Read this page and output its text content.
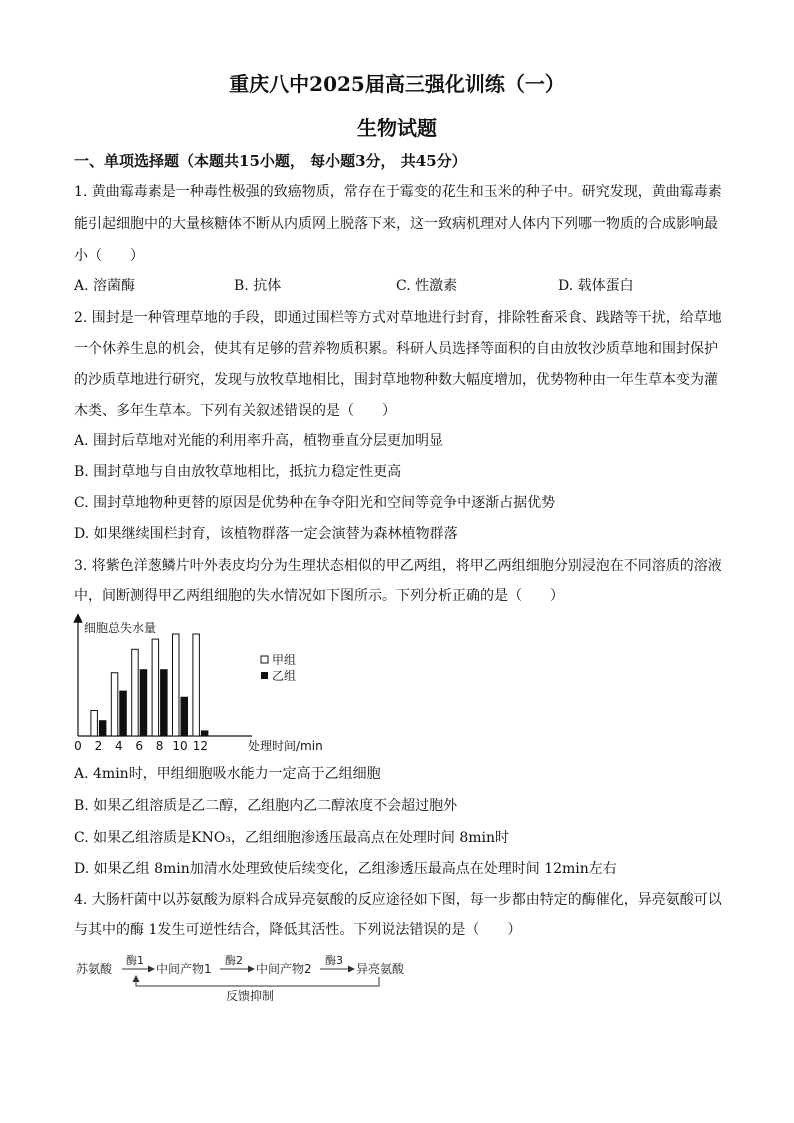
重庆八中2025届高三强化训练（一）
生物试题
一、单项选择题（本题共15小题， 每小题3分， 共45分）
1. 黄曲霉毒素是一种毒性极强的致癌物质，常存在于霉变的花生和玉米的种子中。研究发现，黄曲霉毒素
能引起细胞中的大量核糖体不断从内质网上脱落下来，这一致病机理对人体内下列哪一物质的合成影响最
小（　　）
A. 溶菌酶	B. 抗体	C. 性激素	D. 载体蛋白
2. 围封是一种管理草地的手段，即通过围栏等方式对草地进行封育，排除牲畜采食、践踏等干扰，给草地
一个休养生息的机会，使其有足够的营养物质积累。科研人员选择等面积的自由放牧沙质草地和围封保护
的沙质草地进行研究，发现与放牧草地相比，围封草地物种数大幅度增加，优势物种由一年生草本变为灌
木类、多年生草本。下列有关叙述错误的是（　　）
A. 围封后草地对光能的利用率升高，植物垂直分层更加明显
B. 围封草地与自由放牧草地相比，抵抗力稳定性更高
C. 围封草地物种更替的原因是优势种在争夺阳光和空间等竞争中逐渐占据优势
D. 如果继续围栏封育，该植物群落一定会演替为森林植物群落
3. 将紫色洋葱鳞片叶外表皮均分为生理状态相似的甲乙两组，将甲乙两组细胞分别浸泡在不同溶质的溶液
中，间断测得甲乙两组细胞的失水情况如下图所示。下列分析正确的是（　　）
细胞总失水量
处理时间/min
0 2 4 6 8 10 12
甲组
乙组
A. 4min时，甲组细胞吸水能力一定高于乙组细胞
B. 如果乙组溶质是乙二醇，乙组胞内乙二醇浓度不会超过胞外
C. 如果乙组溶质是KNO₃，乙组细胞渗透压最高点在处理时间 8min时
D. 如果乙组 8min加清水处理致使后续变化，乙组渗透压最高点在处理时间 12min左右
4. 大肠杆菌中以苏氨酸为原料合成异亮氨酸的反应途径如下图，每一步都由特定的酶催化，异亮氨酸可以
与其中的酶 1发生可逆性结合，降低其活性。下列说法错误的是（　　）
苏氨酸
酶1
中间产物1
酶2
中间产物2
酶3
异亮氨酸
反馈抑制
